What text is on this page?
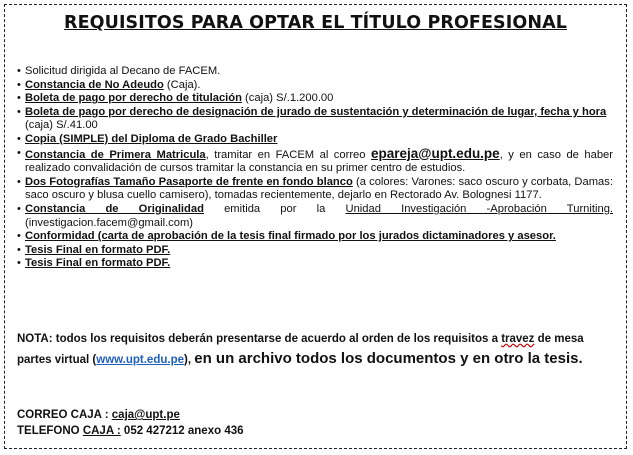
REQUISITOS PARA OPTAR EL TÍTULO PROFESIONAL
• Solicitud dirigida al Decano de FACEM.
• Constancia de No Adeudo (Caja).
• Boleta de pago por derecho de titulación (caja) S/.1.200.00
• Boleta de pago por derecho de designación de jurado de sustentación y determinación de lugar, fecha y hora (caja) S/.41.00
• Copia (SIMPLE) del Diploma de Grado Bachiller
• Constancia de Primera Matricula, tramitar en FACEM al correo epareja@upt.edu.pe, y en caso de haber realizado convalidación de cursos tramitar la constancia en su primer centro de estudios.
• Dos Fotografías Tamaño Pasaporte de frente en fondo blanco (a colores: Varones: saco oscuro y corbata, Damas: saco oscuro y blusa cuello camisero), tomadas recientemente, dejarlo en Rectorado Av. Bolognesi 1177.
• Constancia de Originalidad emitida por la Unidad Investigación -Aprobación Turniting. (investigacion.facem@gmail.com)
• Conformidad (carta de aprobación de la tesis final firmado por los jurados dictaminadores y asesor.
• Tesis Final en formato PDF.
• Tesis Final en formato PDF.
NOTA: todos los requisitos deberán presentarse de acuerdo al orden de los requisitos a travez de mesa partes virtual (www.upt.edu.pe), en un archivo todos los documentos y en otro la tesis.
CORREO CAJA : caja@upt.pe
TELEFONO CAJA : 052 427212 anexo 436
